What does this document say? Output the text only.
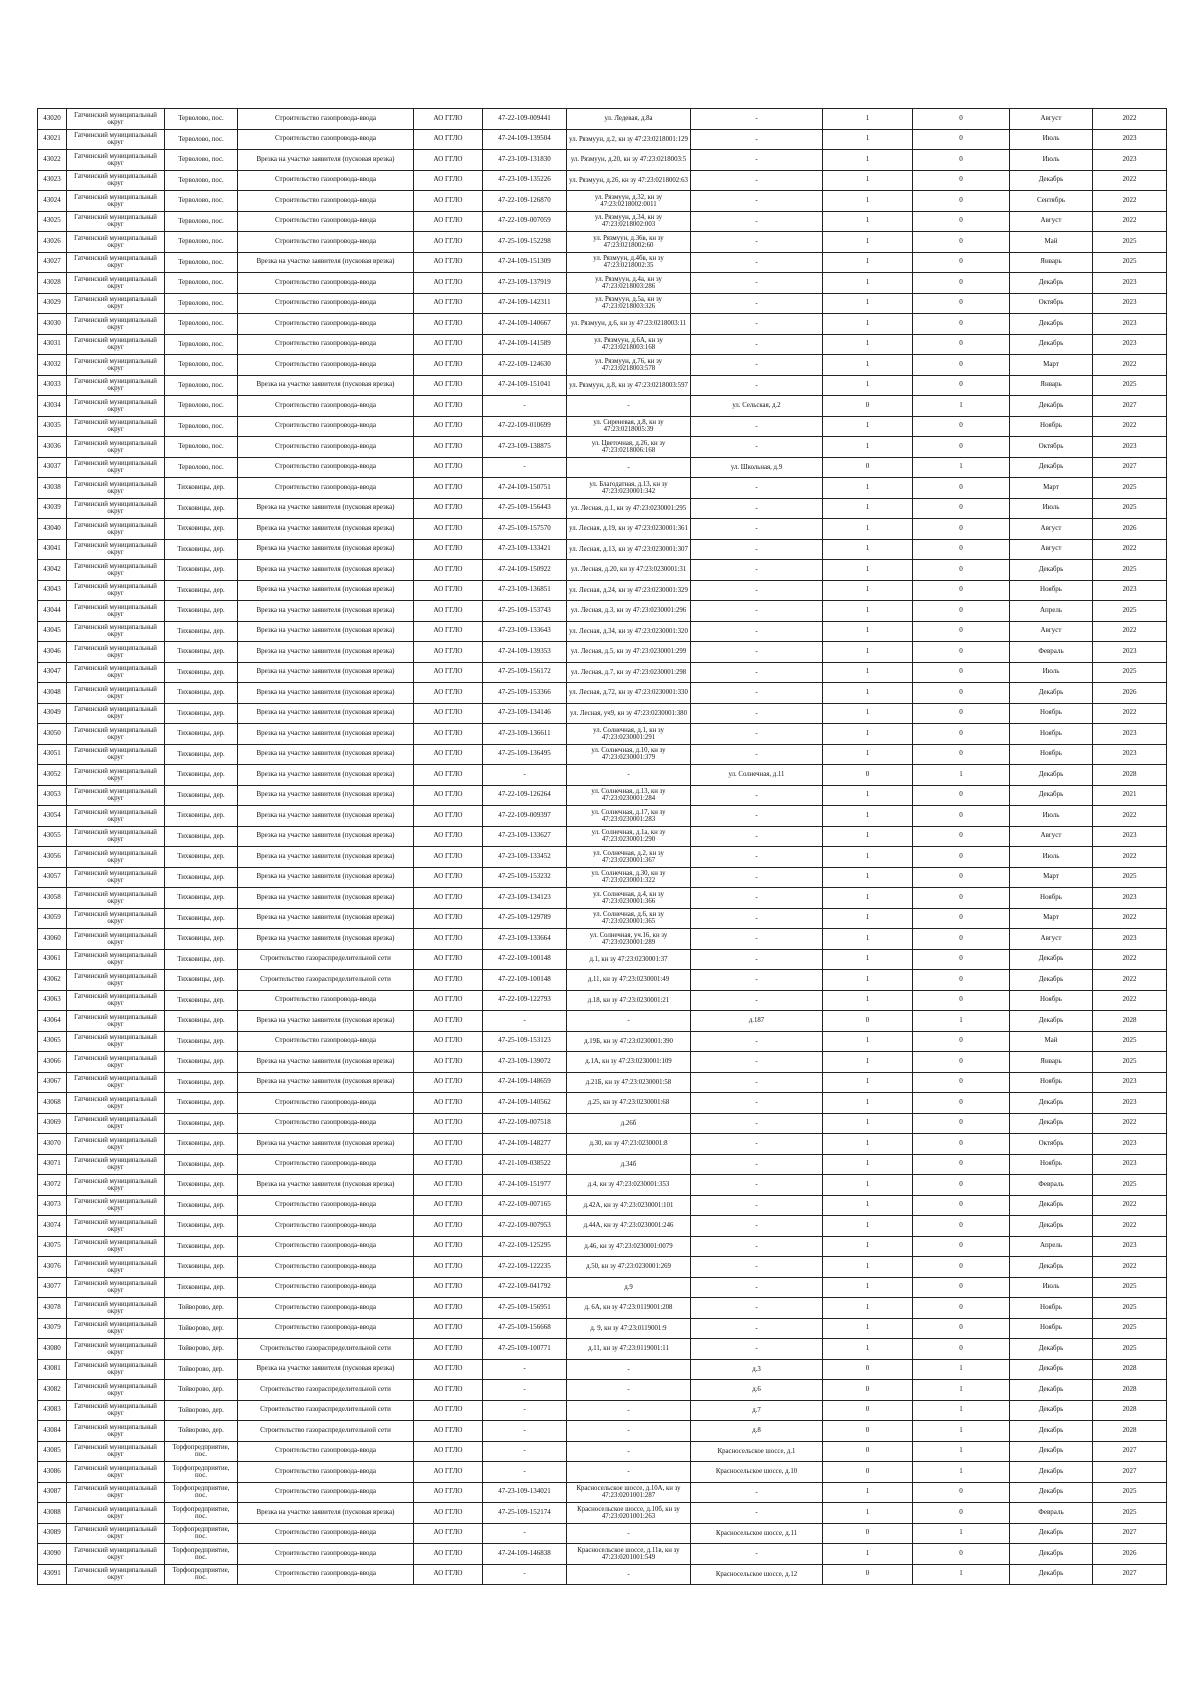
43020	Гатчинский муниципальный округ	Терволово, пос.	Строительство газопровода-ввода	АО ГГЛО	47-22-109-009441	ул. Ледевая, д.8а	-	1	0	Август	2022
43021	Гатчинский муниципальный округ	Терволово, пос.	Строительство газопровода-ввода	АО ГГЛО	47-24-109-139504	ул. Рязмуун, д.2, кн зу 47:23:0218001:129	-	1	0	Июль	2023
43022	Гатчинский муниципальный округ	Терволово, пос.	Врезка на участке заявителя (пусковая врезка)	АО ГГЛО	47-23-109-131830	ул. Рязмуун, д.20, кн зу 47:23:0218003:5	-	1	0	Июль	2023
43023	Гатчинский муниципальный округ	Терволово, пос.	Строительство газопровода-ввода	АО ГГЛО	47-23-109-135226	ул. Рязмуун, д.26, кн зу 47:23:0218002:63	-	1	0	Декабрь	2022
43024	Гатчинский муниципальный округ	Терволово, пос.	Строительство газопровода-ввода	АО ГГЛО	47-22-109-126870	ул. Рязмуун, д.32, кн зу 47:23:0218002:0011	-	1	0	Сентябрь	2022
43025	Гатчинский муниципальный округ	Терволово, пос.	Строительство газопровода-ввода	АО ГГЛО	47-22-109-007059	ул. Рязмуун, д.34, кн зу 47:23:0218002:003	-	1	0	Август	2022
43026	Гатчинский муниципальный округ	Терволово, пос.	Строительство газопровода-ввода	АО ГГЛО	47-25-109-152298	ул. Рязмуун, д.36в, кн зу 47:23:0218002:60	-	1	0	Май	2025
43027	Гатчинский муниципальный округ	Терволово, пос.	Врезка на участке заявителя (пусковая врезка)	АО ГГЛО	47-24-109-151309	ул. Рязмуун, д.4бв, кн зу 47:23:0218002:35	-	1	0	Январь	2025
43028	Гатчинский муниципальный округ	Терволово, пос.	Строительство газопровода-ввода	АО ГГЛО	47-23-109-137919	ул. Рязмуун, д.4а, кн зу 47:23:0218003:286	-	1	0	Декабрь	2023
43029	Гатчинский муниципальный округ	Терволово, пос.	Строительство газопровода-ввода	АО ГГЛО	47-24-109-142311	ул. Рязмуун, д.5а, кн зу 47:23:0218003:326	-	1	0	Октябрь	2023
43030	Гатчинский муниципальный округ	Терволово, пос.	Строительство газопровода-ввода	АО ГГЛО	47-24-109-140667	ул. Рязмуун, д.6, кн зу 47:23:0218003:11	-	1	0	Декабрь	2023
43031	Гатчинский муниципальный округ	Терволово, пос.	Строительство газопровода-ввода	АО ГГЛО	47-24-109-141589	ул. Рязмуун, д.6А, кн зу 47:23:0218003:168	-	1	0	Декабрь	2023
43032	Гатчинский муниципальный округ	Терволово, пос.	Строительство газопровода-ввода	АО ГГЛО	47-22-109-124630	ул. Рязмуун, д.76, кн зу 47:23:0218003:578	-	1	0	Март	2022
43033	Гатчинский муниципальный округ	Терволово, пос.	Врезка на участке заявителя (пусковая врезка)	АО ГГЛО	47-24-109-151041	ул. Рязмуун, д.8, кн зу 47:23:0218003:597	-	1	0	Январь	2025
43034	Гатчинский муниципальный округ	Терволово, пос.	Строительство газопровода-ввода	АО ГГЛО	-	-	ул. Сельская, д.2	0	1	Декабрь	2027
43035	Гатчинский муниципальный округ	Терволово, пос.	Строительство газопровода-ввода	АО ГГЛО	47-22-109-010699	ул. Сиреневая, д.8, кн зу 47:23:0218005:39	-	1	0	Ноябрь	2022
43036	Гатчинский муниципальный округ	Терволово, пос.	Строительство газопровода-ввода	АО ГГЛО	47-23-109-138875	ул. Цветочная, д.26, кн зу 47:23:0218006:168	-	1	0	Октябрь	2023
43037	Гатчинский муниципальный округ	Терволово, пос.	Строительство газопровода-ввода	АО ГГЛО	-	-	ул. Школьная, д.9	0	1	Декабрь	2027
43038	Гатчинский муниципальный округ	Тихковицы, дер.	Строительство газопровода-ввода	АО ГГЛО	47-24-109-150751	ул. Благодатная, д.13, кн зу 47:23:0230001:342	-	1	0	Март	2025
43039	Гатчинский муниципальный округ	Тихковицы, дер.	Врезка на участке заявителя (пусковая врезка)	АО ГГЛО	47-25-109-156443	ул. Лесная, д.1, кн зу 47:23:0230001:295	-	1	0	Июль	2025
43040	Гатчинский муниципальный округ	Тихковицы, дер.	Врезка на участке заявителя (пусковая врезка)	АО ГГЛО	47-25-109-157570	ул. Лесная, д.19, кн зу 47:23:0230001:361	-	1	0	Август	2026
43041	Гатчинский муниципальный округ	Тихковицы, дер.	Врезка на участке заявителя (пусковая врезка)	АО ГГЛО	47-23-109-133421	ул. Лесная, д.13, кн зу 47:23:0230001:307	-	1	0	Август	2022
43042	Гатчинский муниципальный округ	Тихковицы, дер.	Врезка на участке заявителя (пусковая врезка)	АО ГГЛО	47-24-109-150922	ул. Лесная, д.20, кн зу 47:23:0230001:31	-	1	0	Декабрь	2025
43043	Гатчинский муниципальный округ	Тихковицы, дер.	Врезка на участке заявителя (пусковая врезка)	АО ГГЛО	47-23-109-136851	ул. Лесная, д.24, кн зу 47:23:0230001:329	-	1	0	Ноябрь	2023
43044	Гатчинский муниципальный округ	Тихковицы, дер.	Врезка на участке заявителя (пусковая врезка)	АО ГГЛО	47-25-109-153743	ул. Лесная, д.3, кн зу 47:23:0230001:296	-	1	0	Апрель	2025
43045	Гатчинский муниципальный округ	Тихковицы, дер.	Врезка на участке заявителя (пусковая врезка)	АО ГГЛО	47-23-109-133643	ул. Лесная, д.34, кн зу 47:23:0230001:320	-	1	0	Август	2022
43046	Гатчинский муниципальный округ	Тихковицы, дер.	Врезка на участке заявителя (пусковая врезка)	АО ГГЛО	47-24-109-139353	ул. Лесная, д.5, кн зу 47:23:0230001:299	-	1	0	Февраль	2023
43047	Гатчинский муниципальный округ	Тихковицы, дер.	Врезка на участке заявителя (пусковая врезка)	АО ГГЛО	47-25-109-156172	ул. Лесная, д.7, кн зу 47:23:0230001:298	-	1	0	Июль	2025
43048	Гатчинский муниципальный округ	Тихковицы, дер.	Врезка на участке заявителя (пусковая врезка)	АО ГГЛО	47-25-109-153366	ул. Лесная, д.72, кн зу 47:23:0230001:330	-	1	0	Декабрь	2026
43049	Гатчинский муниципальный округ	Тихковицы, дер.	Врезка на участке заявителя (пусковая врезка)	АО ГГЛО	47-23-109-134146	ул. Лесная, уч9, кн зу 47:23:0230001:380	-	1	0	Ноябрь	2022
43050	Гатчинский муниципальный округ	Тихковицы, дер.	Врезка на участке заявителя (пусковая врезка)	АО ГГЛО	47-23-109-136611	ул. Солнечная, д.1, кн зу 47:23:0230001:291	-	1	0	Ноябрь	2023
43051	Гатчинский муниципальный округ	Тихковицы, дер.	Врезка на участке заявителя (пусковая врезка)	АО ГГЛО	47-25-109-136495	ул. Солнечная, д.10, кн зу 47:23:0230001:379	-	1	0	Ноябрь	2023
43052	Гатчинский муниципальный округ	Тихковицы, дер.	Врезка на участке заявителя (пусковая врезка)	АО ГГЛО	-	-	ул. Солнечная, д.11	0	1	Декабрь	2028
43053	Гатчинский муниципальный округ	Тихковицы, дер.	Врезка на участке заявителя (пусковая врезка)	АО ГГЛО	47-22-109-126264	ул. Солнечная, д.13, кн зу 47:23:0230001:284	-	1	0	Декабрь	2021
43054	Гатчинский муниципальный округ	Тихковицы, дер.	Врезка на участке заявителя (пусковая врезка)	АО ГГЛО	47-22-109-009397	ул. Солнечная, д.17, кн зу 47:23:0230001:283	-	1	0	Июль	2022
43055	Гатчинский муниципальный округ	Тихковицы, дер.	Врезка на участке заявителя (пусковая врезка)	АО ГГЛО	47-23-109-133627	ул. Солнечная, д.1а, кн зу 47:23:0230001:290	-	1	0	Август	2023
43056	Гатчинский муниципальный округ	Тихковицы, дер.	Врезка на участке заявителя (пусковая врезка)	АО ГГЛО	47-23-109-133452	ул. Солнечная, д.2, кн зу 47:23:0230001:367	-	1	0	Июль	2022
43057	Гатчинский муниципальный округ	Тихковицы, дер.	Врезка на участке заявителя (пусковая врезка)	АО ГГЛО	47-25-109-153232	ул. Солнечная, д.30, кн зу 47:23:0230001:322	-	1	0	Март	2025
43058	Гатчинский муниципальный округ	Тихковицы, дер.	Врезка на участке заявителя (пусковая врезка)	АО ГГЛО	47-23-109-134123	ул. Солнечная, д.4, кн зу 47:23:0230001:366	-	1	0	Ноябрь	2023
43059	Гатчинский муниципальный округ	Тихковицы, дер.	Врезка на участке заявителя (пусковая врезка)	АО ГГЛО	47-25-109-129789	ул. Солнечная, д.6, кн зу 47:23:0230001:365	-	1	0	Март	2022
43060	Гатчинский муниципальный округ	Тихковицы, дер.	Врезка на участке заявителя (пусковая врезка)	АО ГГЛО	47-23-109-133664	ул. Солнечная, уч.16, кн зу 47:23:0230001:289	-	1	0	Август	2023
43061	Гатчинский муниципальный округ	Тихковицы, дер.	Строительство газораспределительной сети	АО ГГЛО	47-22-109-100148	д.1, кн зу 47:23:0230001:37	-	1	0	Декабрь	2022
43062	Гатчинский муниципальный округ	Тихковицы, дер.	Строительство газораспределительной сети	АО ГГЛО	47-22-109-100148	д.11, кн зу 47:23:0230001:49	-	1	0	Декабрь	2022
43063	Гатчинский муниципальный округ	Тихковицы, дер.	Строительство газопровода-ввода	АО ГГЛО	47-22-109-122793	д.18, кн зу 47:23:0230001:21	-	1	0	Ноябрь	2022
43064	Гатчинский муниципальный округ	Тихковицы, дер.	Врезка на участке заявителя (пусковая врезка)	АО ГГЛО	-	-	д.187	0	1	Декабрь	2028
43065	Гатчинский муниципальный округ	Тихковицы, дер.	Строительство газопровода-ввода	АО ГГЛО	47-25-109-153123	д.19Б, кн зу 47:23:0230001:390	-	1	0	Май	2025
43066	Гатчинский муниципальный округ	Тихковицы, дер.	Врезка на участке заявителя (пусковая врезка)	АО ГГЛО	47-23-109-139072	д.1А, кн зу 47:23:0230001:109	-	1	0	Январь	2025
43067	Гатчинский муниципальный округ	Тихковицы, дер.	Врезка на участке заявителя (пусковая врезка)	АО ГГЛО	47-24-109-148659	д.21Б, кн зу 47:23:0230001:58	-	1	0	Ноябрь	2023
43068	Гатчинский муниципальный округ	Тихковицы, дер.	Строительство газопровода-ввода	АО ГГЛО	47-24-109-140562	д.25, кн зу 47:23:0230001:68	-	1	0	Декабрь	2023
43069	Гатчинский муниципальный округ	Тихковицы, дер.	Строительство газопровода-ввода	АО ГГЛО	47-22-109-007518	д.26б	-	1	0	Декабрь	2022
43070	Гатчинский муниципальный округ	Тихковицы, дер.	Врезка на участке заявителя (пусковая врезка)	АО ГГЛО	47-24-109-148277	д.30, кн зу 47:23:0230001:8	-	1	0	Октябрь	2023
43071	Гатчинский муниципальный округ	Тихковицы, дер.	Строительство газопровода-ввода	АО ГГЛО	47-21-109-038522	д.34б	-	1	0	Ноябрь	2023
43072	Гатчинский муниципальный округ	Тихковицы, дер.	Врезка на участке заявителя (пусковая врезка)	АО ГГЛО	47-24-109-151977	д.4, кн зу 47:23:0230001:353	-	1	0	Февраль	2025
43073	Гатчинский муниципальный округ	Тихковицы, дер.	Строительство газопровода-ввода	АО ГГЛО	47-22-109-007165	д.42А, кн зу 47:23:0230001:101	-	1	0	Декабрь	2022
43074	Гатчинский муниципальный округ	Тихковицы, дер.	Строительство газопровода-ввода	АО ГГЛО	47-22-109-007953	д.44А, кн зу 47:23:0230001:246	-	1	0	Декабрь	2022
43075	Гатчинский муниципальный округ	Тихковицы, дер.	Строительство газопровода-ввода	АО ГГЛО	47-22-109-125295	д.46, кн зу 47:23:0230001:0079	-	1	0	Апрель	2023
43076	Гатчинский муниципальный округ	Тихковицы, дер.	Строительство газопровода-ввода	АО ГГЛО	47-22-109-122235	д.50, кн зу 47:23:0230001:269	-	1	0	Декабрь	2022
43077	Гатчинский муниципальный округ	Тихковицы, дер.	Строительство газопровода-ввода	АО ГГЛО	47-22-109-041792	д.9	-	1	0	Июль	2025
43078	Гатчинский муниципальный округ	Тойворово, дер.	Строительство газопровода-ввода	АО ГГЛО	47-25-109-156951	д. 6А, кн зу 47:23:0119001:208	-	1	0	Ноябрь	2025
43079	Гатчинский муниципальный округ	Тойворово, дер.	Строительство газопровода-ввода	АО ГГЛО	47-25-109-156668	д. 9, кн зу 47:23:0119001:9	-	1	0	Ноябрь	2025
43080	Гатчинский муниципальный округ	Тойворово, дер.	Строительство газораспределительной сети	АО ГГЛО	47-25-109-100771	д.11, кн зу 47:23:0119001:11	-	1	0	Декабрь	2025
43081	Гатчинский муниципальный округ	Тойворово, дер.	Врезка на участке заявителя (пусковая врезка)	АО ГГЛО	-	-	д.3	0	1	Декабрь	2028
43082	Гатчинский муниципальный округ	Тойворово, дер.	Строительство газораспределительной сети	АО ГГЛО	-	-	д.6	0	1	Декабрь	2028
43083	Гатчинский муниципальный округ	Тойворово, дер.	Строительство газораспределительной сети	АО ГГЛО	-	-	д.7	0	1	Декабрь	2028
43084	Гатчинский муниципальный округ	Тойворово, дер.	Строительство газораспределительной сети	АО ГГЛО	-	-	д.8	0	1	Декабрь	2028
43085	Гатчинский муниципальный округ	Торфопредприятие, пос.	Строительство газопровода-ввода	АО ГГЛО	-	-	Красносельское шоссе, д.1	0	1	Декабрь	2027
43086	Гатчинский муниципальный округ	Торфопредприятие, пос.	Строительство газопровода-ввода	АО ГГЛО	-	-	Красносельское шоссе, д.10	0	1	Декабрь	2027
43087	Гатчинский муниципальный округ	Торфопредприятие, пос.	Строительство газопровода-ввода	АО ГГЛО	47-23-109-134021	Красносельское шоссе, д.10А, кн зу 47:23:0201001:287	-	1	0	Декабрь	2025
43088	Гатчинский муниципальный округ	Торфопредприятие, пос.	Врезка на участке заявителя (пусковая врезка)	АО ГГЛО	47-25-109-152174	Красносельское шоссе, д.10б, кн зу 47:23:0201001:263	-	1	0	Февраль	2025
43089	Гатчинский муниципальный округ	Торфопредприятие, пос.	Строительство газопровода-ввода	АО ГГЛО	-	-	Красносельское шоссе, д.11	0	1	Декабрь	2027
43090	Гатчинский муниципальный округ	Торфопредприятие, пос.	Строительство газопровода-ввода	АО ГГЛО	47-24-109-146838	Красносельское шоссе, д.11в, кн зу 47:23:0201001:549	-	1	0	Декабрь	2026
43091	Гатчинский муниципальный округ	Торфопредприятие, пос.	Строительство газопровода-ввода	АО ГГЛО	-	-	Красносельское шоссе, д.12	0	1	Декабрь	2027
